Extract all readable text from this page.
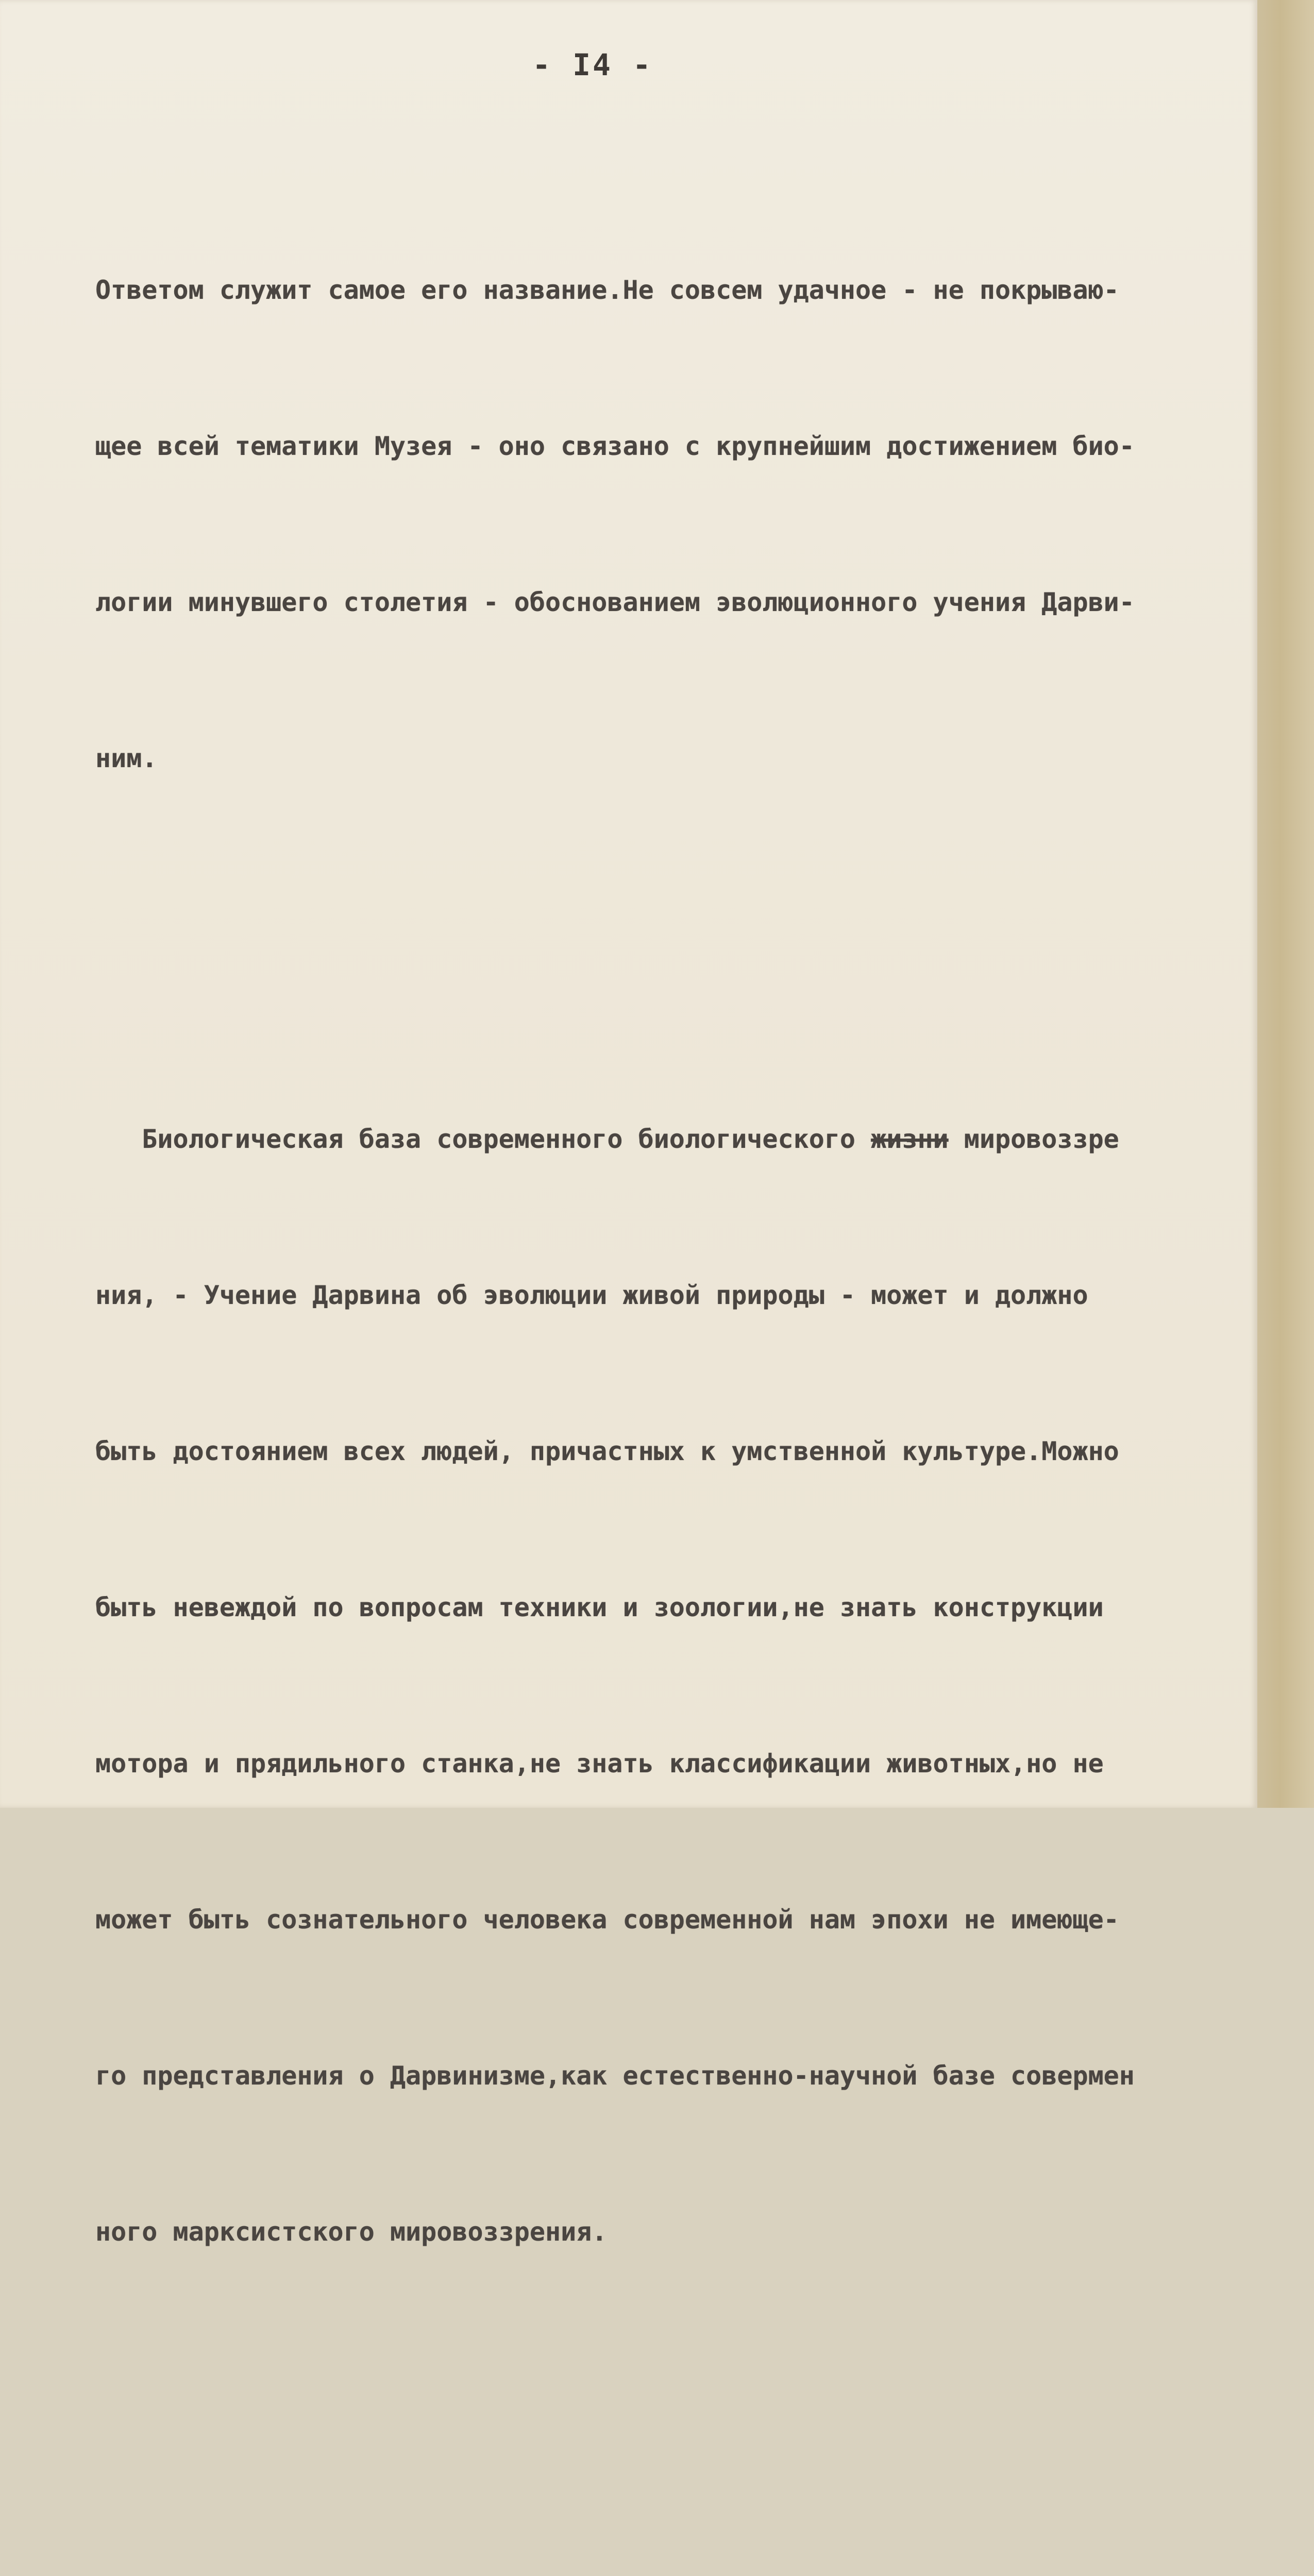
- I4 -

Ответом служит самое его название.Не совсем удачное - не покрываю-

щее всей тематики Музея - оно связано с крупнейшим достижением био-

логии минувшего столетия - обоснованием эволюционного учения Дарви-

ним.

Биологическая база современного биологического жизни мировоззре

ния, - Учение Дарвина об эволюции живой природы - может и должно

быть достоянием всех людей, причастных к умственной культуре.Можно

быть невеждой по вопросам техники и зоологии,не знать конструкции

мотора и прядильного станка,не знать классификации животных,но не

может быть сознательного человека современной нам эпохи не имеюще-

го представления о Дарвинизме,как естественно-научной базе совермен

ного марксистского мировоззрения.
